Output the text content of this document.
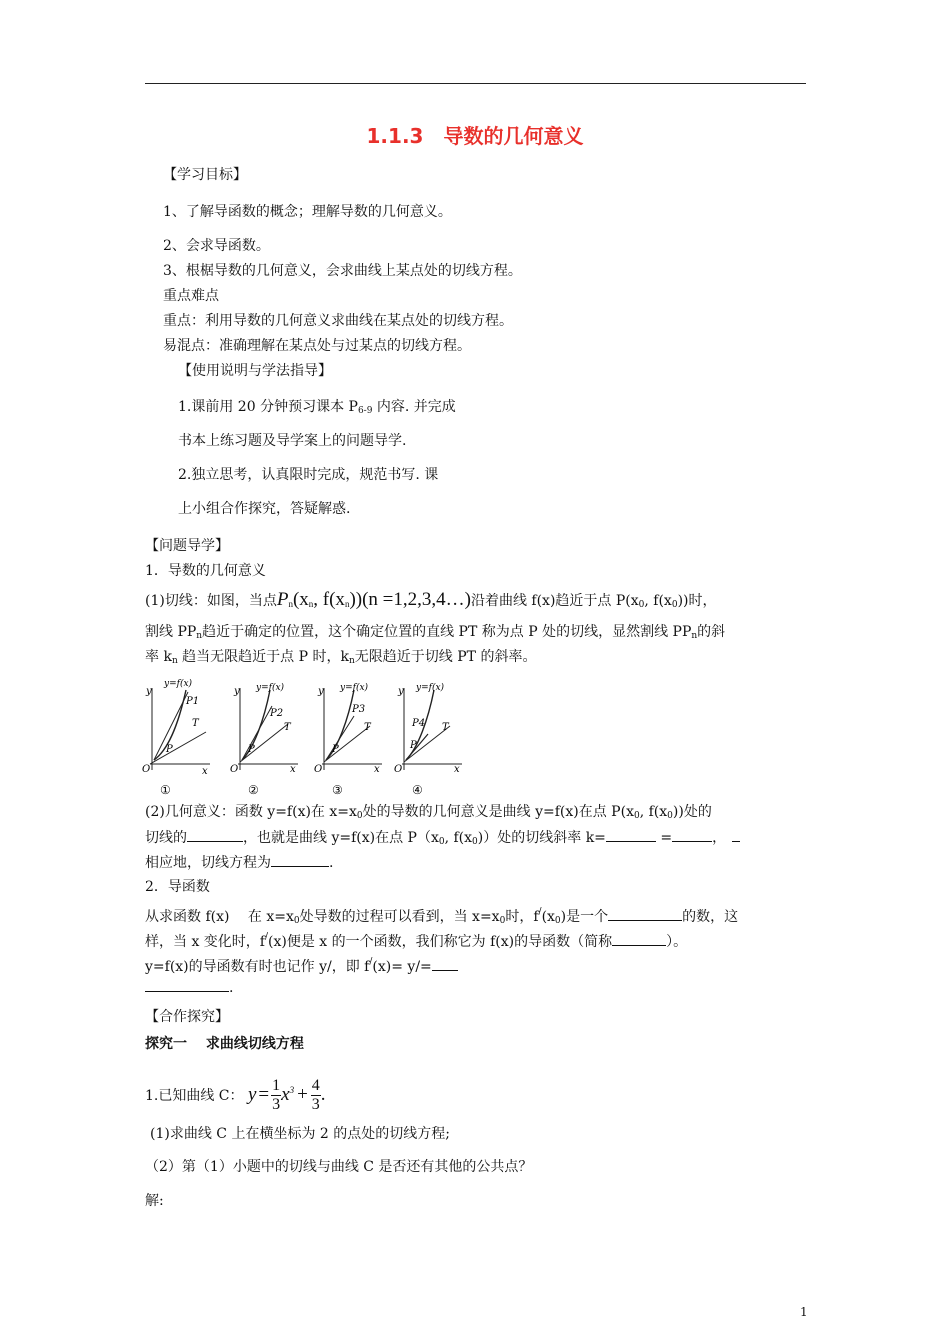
1.1.3　导数的几何意义
【学习目标】
1、了解导函数的概念；理解导数的几何意义。
2、会求导函数。
3、根椐导数的几何意义，会求曲线上某点处的切线方程。
重点难点
重点：利用导数的几何意义求曲线在某点处的切线方程。
易混点：准确理解在某点处与过某点的切线方程。
【使用说明与学法指导】
1.课前用 20 分钟预习课本 $P_{6-9}$ 内容. 并完成
书本上练习题及导学案上的问题导学.
2.独立思考，认真限时完成，规范书写. 课
上小组合作探究，答疑解惑.
【问题导学】
1．导数的几何意义
(1)切线：如图，当点$P_n(x_n$, $f(x_n))(n$ =1,2,3,4…)沿着曲线 f(x)趋近于点 $P(x_0$, $f(x_0)$)时，
割线 $PP_n$趋近于确定的位置，这个确定位置的直线 PT 称为点 P 处的切线，显然割线 $PP_n$的斜
率 $k_n$ 趋当无限趋近于点 P 时，$k_n$无限趋近于切线 PT 的斜率。
y
y=f(x)
P1
T
P
O	x
①
y y=f(x)
P2
T
P
O	x
②
y y=f(x)
P3
T
P
O	x
③
y y=f(x)
P4 T
P
O	x
④
(2)几何意义：函数 y=f(x)在 $x=x_0$处的导数的几何意义是曲线 y=f(x)在点 $P(x_0$, $f(x_0)$)处的
切线的	，也就是曲线 y=f(x)在点 $P(x_0$, $f(x_0)$）处的切线斜率 k=	=	，
相应地，切线方程为	.
2．导函数
从求函数 f(x)　 在 $x=x_0$处导数的过程可以看到，当 $x=x_0$时，$f^/(x_0)$是一个	的数，这
样，当 x 变化时，f/(x)便是 x 的一个函数，我们称它为 f(x)的导函数（简称	）。
y=f(x)的导函数有时也记作 y/，即 f/(x)= y/=
.
【合作探究】
探究一　 求曲线切线方程
1.已知曲线 C： $y = \frac{1}{3} x^3 + \frac{4}{3}$ .
(1)求曲线 C 上在横坐标为 2 的点处的切线方程;
（2）第（1）小题中的切线与曲线 C 是否还有其他的公共点？
解:
1
